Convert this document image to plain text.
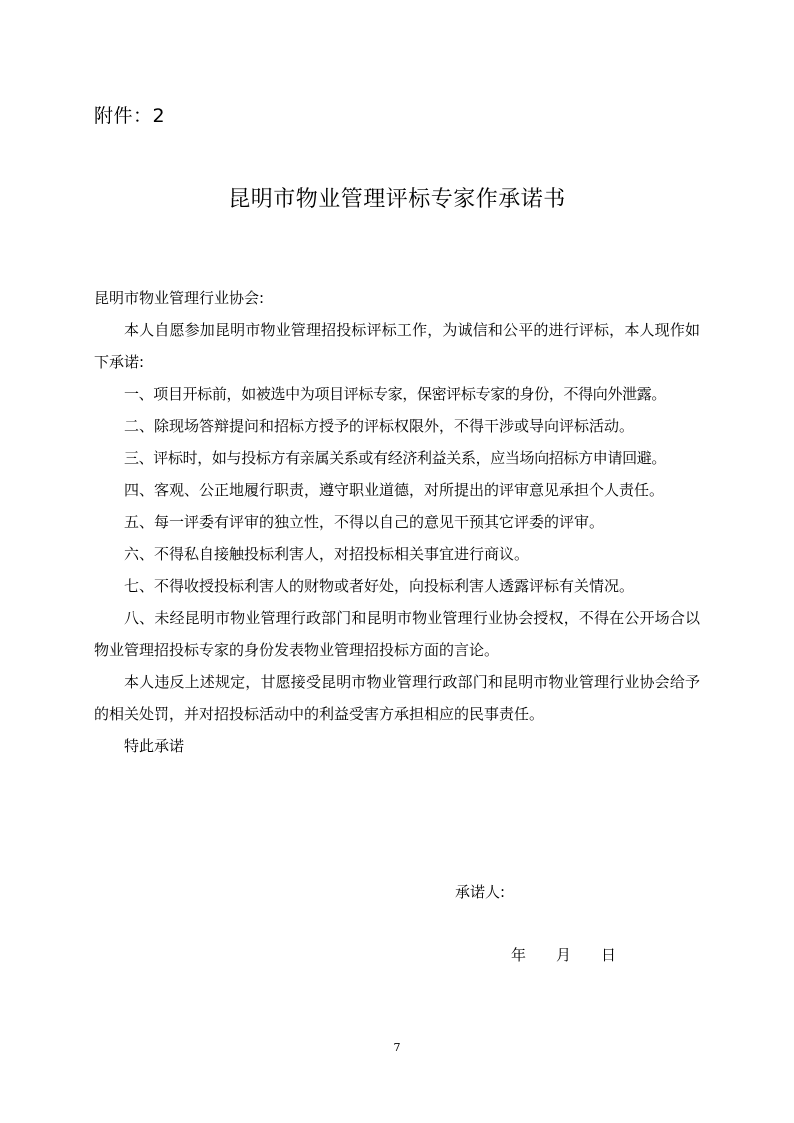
附件：2
昆明市物业管理评标专家作承诺书

昆明市物业管理行业协会:

本人自愿参加昆明市物业管理招投标评标工作，为诚信和公平的进行评标，本人现作如下承诺:

一、项目开标前，如被选中为项目评标专家，保密评标专家的身份，不得向外泄露。

二、除现场答辩提问和招标方授予的评标权限外，不得干涉或导向评标活动。

三、评标时，如与投标方有亲属关系或有经济利益关系，应当场向招标方申请回避。

四、客观、公正地履行职责，遵守职业道德，对所提出的评审意见承担个人责任。

五、每一评委有评审的独立性，不得以自己的意见干预其它评委的评审。

六、不得私自接触投标利害人，对招投标相关事宜进行商议。

七、不得收授投标利害人的财物或者好处，向投标利害人透露评标有关情况。

八、未经昆明市物业管理行政部门和昆明市物业管理行业协会授权，不得在公开场合以物业管理招投标专家的身份发表物业管理招投标方面的言论。

本人违反上述规定，甘愿接受昆明市物业管理行政部门和昆明市物业管理行业协会给予的相关处罚，并对招投标活动中的利益受害方承担相应的民事责任。

特此承诺

承诺人:
年 月 日
7
